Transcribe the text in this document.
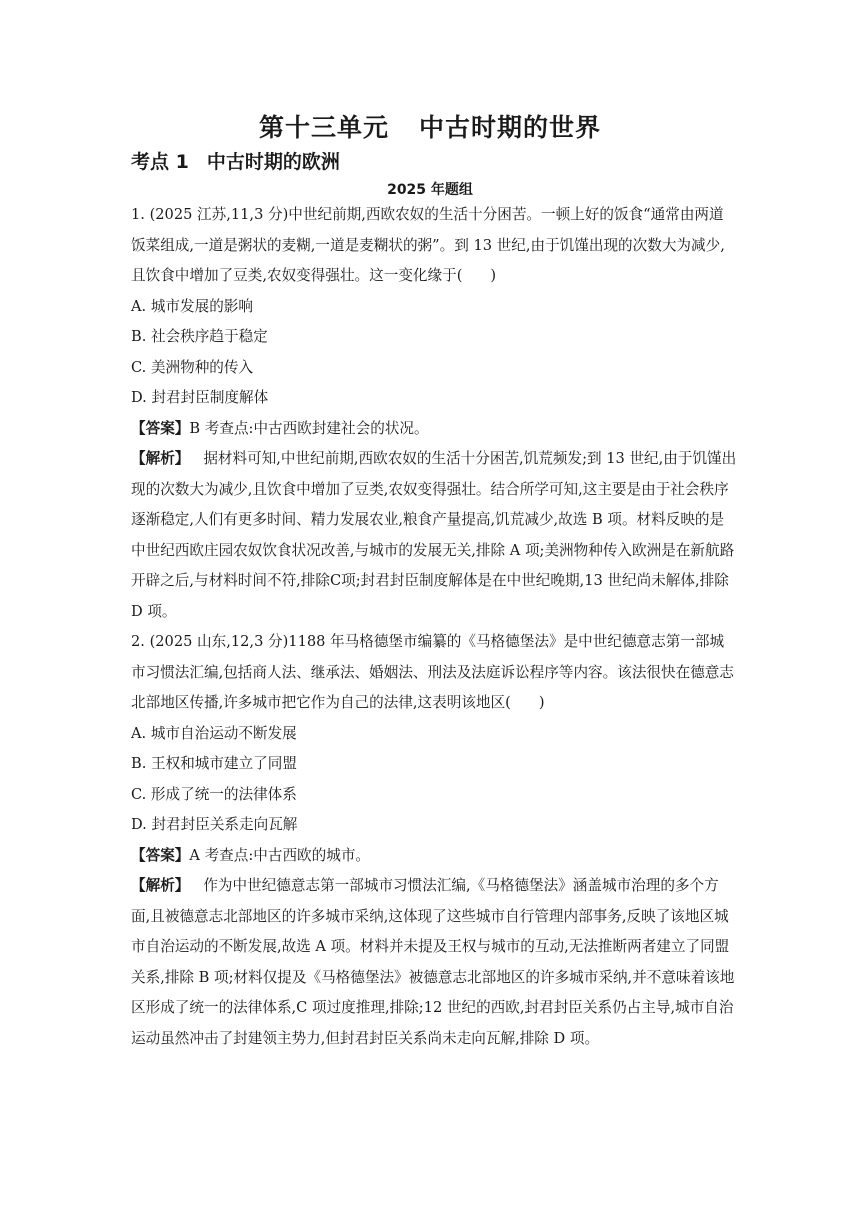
第十三单元 中古时期的世界
考点 1 中古时期的欧洲
2025 年题组

1. (2025 江苏,11,3 分)中世纪前期,西欧农奴的生活十分困苦。一顿上好的饭食“通常由两道饭菜组成,一道是粥状的麦糊,一道是麦糊状的粥”。到 13 世纪,由于饥馑出现的次数大为减少,且饮食中增加了豆类,农奴变得强壮。这一变化缘于( )

A. 城市发展的影响

B. 社会秩序趋于稳定

C. 美洲物种的传入

D. 封君封臣制度解体

【答案】B 考查点:中古西欧封建社会的状况。

【解析】 据材料可知,中世纪前期,西欧农奴的生活十分困苦,饥荒频发;到 13 世纪,由于饥馑出现的次数大为减少,且饮食中增加了豆类,农奴变得强壮。结合所学可知,这主要是由于社会秩序逐渐稳定,人们有更多时间、精力发展农业,粮食产量提高,饥荒减少,故选 B 项。材料反映的是中世纪西欧庄园农奴饮食状况改善,与城市的发展无关,排除 A 项;美洲物种传入欧洲是在新航路开辟之后,与材料时间不符,排除C项;封君封臣制度解体是在中世纪晚期,13 世纪尚未解体,排除 D 项。

2. (2025 山东,12,3 分)1188 年马格德堡市编纂的《马格德堡法》是中世纪德意志第一部城市习惯法汇编,包括商人法、继承法、婚姻法、刑法及法庭诉讼程序等内容。该法很快在德意志北部地区传播,许多城市把它作为自己的法律,这表明该地区( )

A. 城市自治运动不断发展

B. 王权和城市建立了同盟

C. 形成了统一的法律体系

D. 封君封臣关系走向瓦解

【答案】A 考查点:中古西欧的城市。

【解析】 作为中世纪德意志第一部城市习惯法汇编,《马格德堡法》涵盖城市治理的多个方面,且被德意志北部地区的许多城市采纳,这体现了这些城市自行管理内部事务,反映了该地区城市自治运动的不断发展,故选 A 项。材料并未提及王权与城市的互动,无法推断两者建立了同盟关系,排除 B 项;材料仅提及《马格德堡法》被德意志北部地区的许多城市采纳,并不意味着该地区形成了统一的法律体系,C 项过度推理,排除;12 世纪的西欧,封君封臣关系仍占主导,城市自治运动虽然冲击了封建领主势力,但封君封臣关系尚未走向瓦解,排除 D 项。
